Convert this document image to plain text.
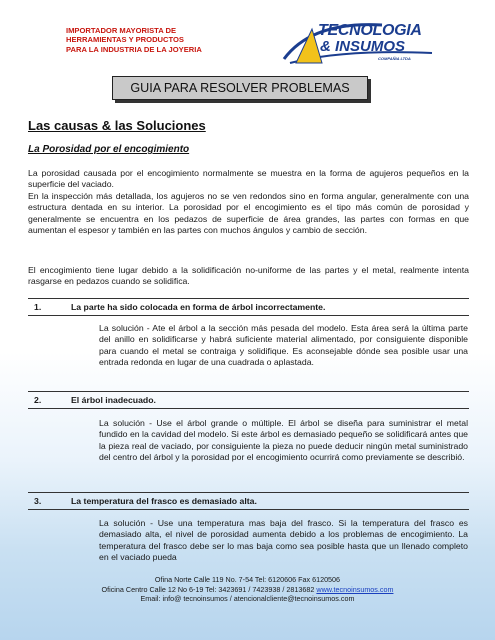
IMPORTADOR MAYORISTA DE
HERRAMIENTAS Y PRODUCTOS
PARA LA INDUSTRIA DE LA JOYERIA
TECNOLOGIA
& INSUMOS
COMPAÑIA LTDA
GUIA PARA RESOLVER PROBLEMAS
Las causas & las Soluciones
La Porosidad por el encogimiento
La porosidad causada por el encogimiento normalmente se muestra en la forma de agujeros pequeños en la superficie del vaciado.
En la inspección más detallada, los agujeros no se ven redondos sino en forma angular, generalmente con una estructura dentada en su interior. La porosidad por el encogimiento es el tipo más común de porosidad y generalmente se encuentra en los pedazos de superficie de área grandes, las partes con formas en que aumentan el espesor y también en las partes con muchos ángulos y cambio de sección.
El encogimiento tiene lugar debido a la solidificación no-uniforme de las partes y el metal, realmente intenta rasgarse en pedazos cuando se solidifica.
1.	La parte ha sido colocada en forma de árbol incorrectamente.
La solución - Ate el árbol a la sección más pesada del modelo. Esta área será la última parte del anillo en solidificarse y habrá suficiente material alimentado, por consiguiente disponible para cuando el metal se contraiga y solidifique. Es aconsejable dónde sea posible usar una entrada redonda en lugar de una cuadrada o aplastada.
2.	El árbol inadecuado.
La solución - Use el árbol grande o múltiple. El árbol se diseña para suministrar el metal fundido en la cavidad del modelo. Si este árbol es demasiado pequeño se solidificará antes que la pieza real de vaciado, por consiguiente la pieza no puede deducir ningún metal suministrado del centro del árbol y la porosidad por el encogimiento ocurrirá como previamente se describió.
3.	La temperatura del frasco es demasiado alta.
La solución - Use una temperatura mas baja del frasco. Si la temperatura del frasco es demasiado alta, el nivel de porosidad aumenta debido a los problemas de encogimiento. La temperatura del frasco debe ser lo mas baja como sea posible hasta que un llenado completo en el vaciado pueda
Ofina Norte Calle 119 No. 7-54 Tel: 6120606 Fax 6120506
Oficina Centro Calle 12 No 6-19 Tel: 3423691 / 7423938 / 2813682 www.tecnoinsumos.com
Email: info@ tecnoinsumos / atencionalcliente@tecnoinsumos.com
